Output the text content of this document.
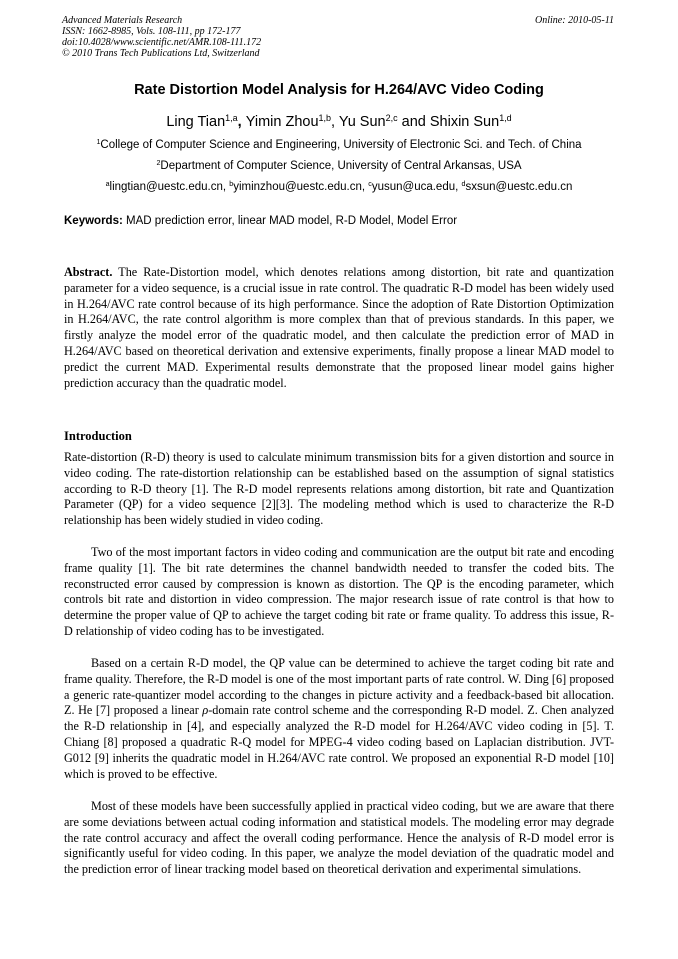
Advanced Materials Research
ISSN: 1662-8985, Vols. 108-111, pp 172-177
doi:10.4028/www.scientific.net/AMR.108-111.172
© 2010 Trans Tech Publications Ltd, Switzerland
Online: 2010-05-11
Rate Distortion Model Analysis for H.264/AVC Video Coding
Ling Tian$^{1,a}$, Yimin Zhou$^{1,b}$, Yu Sun$^{2,c}$ and Shixin Sun$^{1,d}$
$^1$College of Computer Science and Engineering, University of Electronic Sci. and Tech. of China
$^2$Department of Computer Science, University of Central Arkansas, USA
$^a$lingtian@uestc.edu.cn, $^b$yiminzhou@uestc.edu.cn, $^c$yusun@uca.edu, $^d$sxsun@uestc.edu.cn
Keywords: MAD prediction error, linear MAD model, R-D Model, Model Error

Abstract. The Rate-Distortion model, which denotes relations among distortion, bit rate and quantization parameter for a video sequence, is a crucial issue in rate control. The quadratic R-D model has been widely used in H.264/AVC rate control because of its high performance. Since the adoption of Rate Distortion Optimization in H.264/AVC, the rate control algorithm is more complex than that of previous standards. In this paper, we firstly analyze the model error of the quadratic model, and then calculate the prediction error of MAD in H.264/AVC based on theoretical derivation and extensive experiments, finally propose a linear MAD model to predict the current MAD. Experimental results demonstrate that the proposed linear model gains higher prediction accuracy than the quadratic model.

Introduction

Rate-distortion (R-D) theory is used to calculate minimum transmission bits for a given distortion and source in video coding. The rate-distortion relationship can be established based on the assumption of signal statistics according to R-D theory [1]. The R-D model represents relations among distortion, bit rate and Quantization Parameter (QP) for a video sequence [2][3]. The modeling method which is used to characterize the R-D relationship has been widely studied in video coding.

Two of the most important factors in video coding and communication are the output bit rate and encoding frame quality [1]. The bit rate determines the channel bandwidth needed to transfer the coded bits. The reconstructed error caused by compression is known as distortion. The QP is the encoding parameter, which controls bit rate and distortion in video compression. The major research issue of rate control is that how to determine the proper value of QP to achieve the target coding bit rate or frame quality. To address this issue, R-D relationship of video coding has to be investigated.

Based on a certain R-D model, the QP value can be determined to achieve the target coding bit rate and frame quality. Therefore, the R-D model is one of the most important parts of rate control. W. Ding [6] proposed a generic rate-quantizer model according to the changes in picture activity and a feedback-based bit allocation. Z. He [7] proposed a linear ρ-domain rate control scheme and the corresponding R-D model. Z. Chen analyzed the R-D relationship in [4], and especially analyzed the R-D model for H.264/AVC video coding in [5]. T. Chiang [8] proposed a quadratic R-Q model for MPEG-4 video coding based on Laplacian distribution. JVT-G012 [9] inherits the quadratic model in H.264/AVC rate control. We proposed an exponential R-D model [10] which is proved to be effective.

Most of these models have been successfully applied in practical video coding, but we are aware that there are some deviations between actual coding information and statistical models. The modeling error may degrade the rate control accuracy and affect the overall coding performance. Hence the analysis of R-D model error is significantly useful for video coding. In this paper, we analyze the model deviation of the quadratic model and the prediction error of linear tracking model based on theoretical derivation and experimental simulations.
